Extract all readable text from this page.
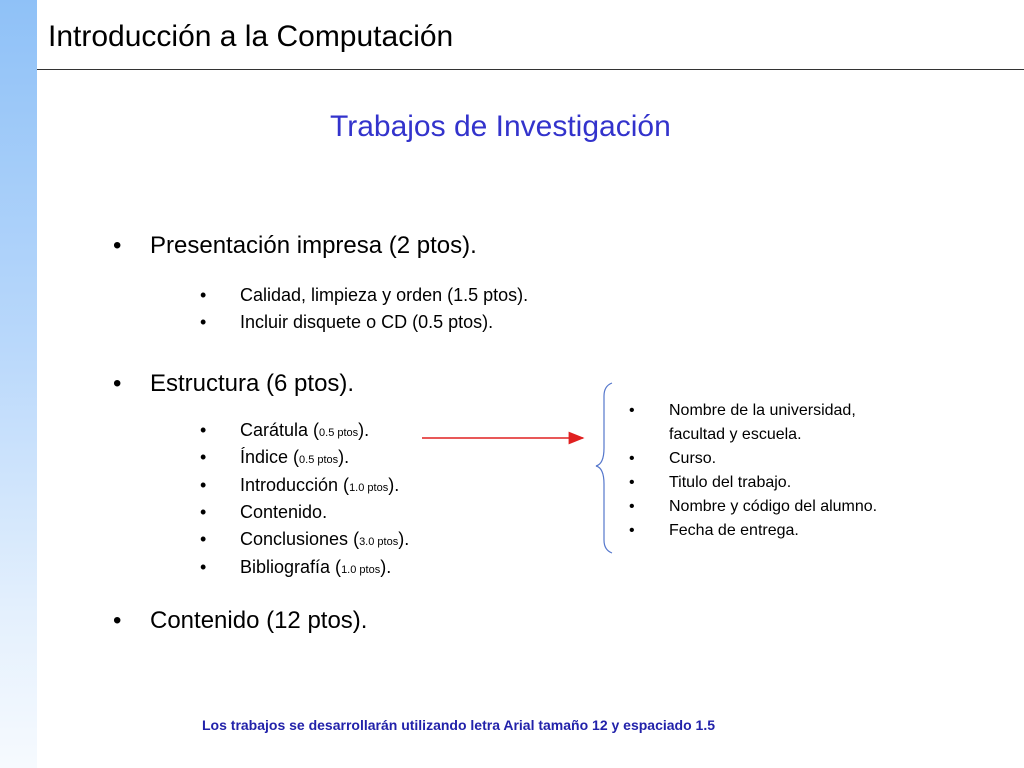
Introducción a la Computación
Trabajos de Investigación
• Presentación impresa (2 ptos).
• Calidad, limpieza y orden (1.5 ptos).
• Incluir disquete o CD (0.5 ptos).
• Estructura (6 ptos).
• Carátula (0.5 ptos).
• Índice (0.5 ptos).
• Introducción (1.0 ptos).
• Contenido.
• Conclusiones (3.0 ptos).
• Bibliografía (1.0 ptos).
• Contenido (12 ptos).
• Nombre de la universidad,
facultad y escuela.
• Curso.
• Titulo del trabajo.
• Nombre y código del alumno.
• Fecha de entrega.
Los trabajos se desarrollarán utilizando letra Arial tamaño 12 y espaciado 1.5
